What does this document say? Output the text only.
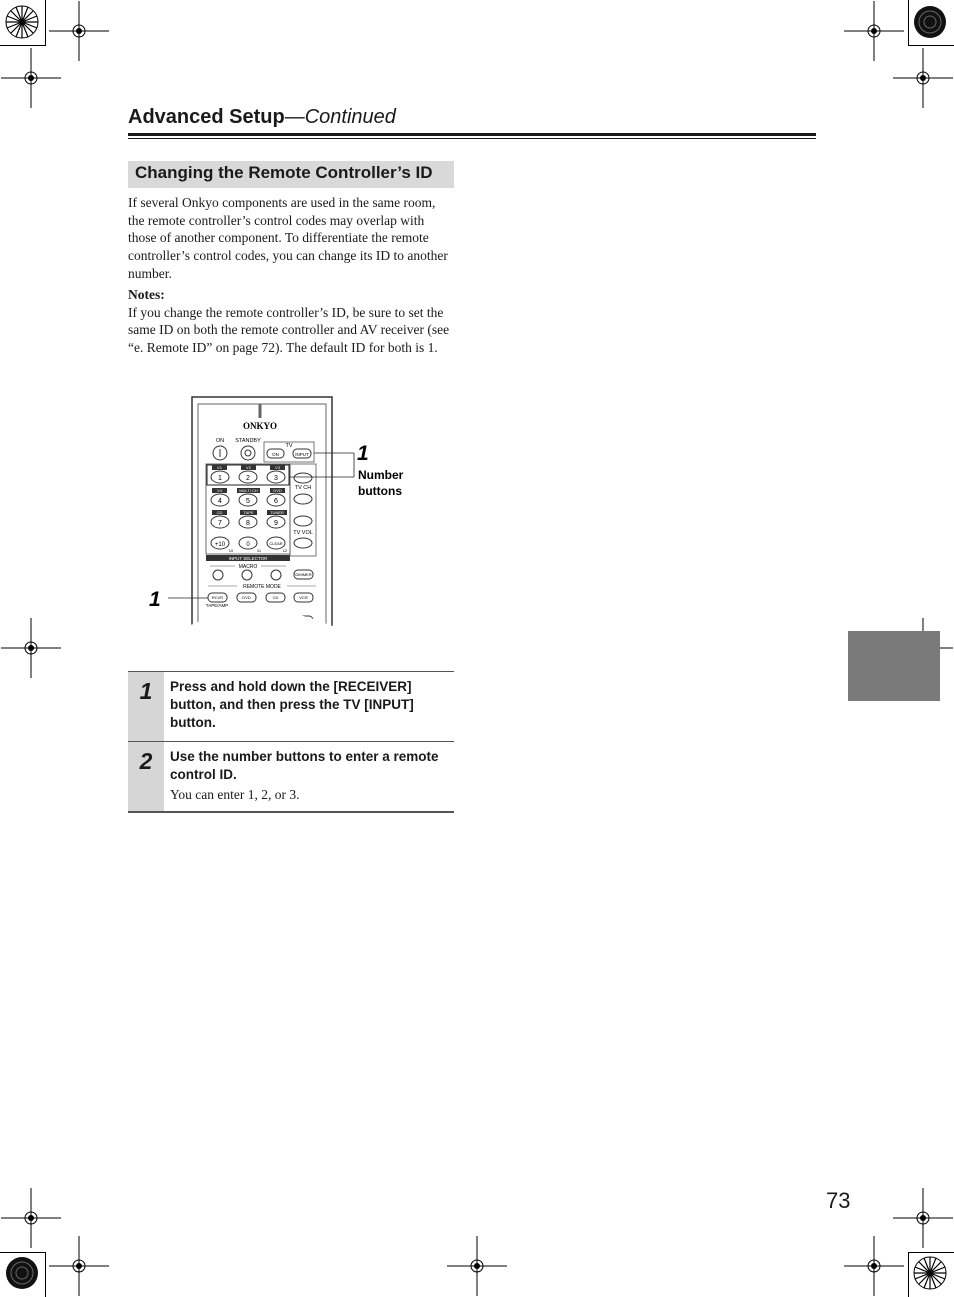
Advanced Setup—Continued
Changing the Remote Controller’s ID
If several Onkyo components are used in the same room, the remote controller’s control codes may overlap with those of another component. To differentiate the remote controller’s control codes, you can change its ID to another number.
Notes:
If you change the remote controller’s ID, be sure to set the same ID on both the remote controller and AV receiver (see “e. Remote ID” on page 72). The default ID for both is 1.
ONKYO
ON STANDBY
TV
ON	INPUT
V1	V2	V3
1	2	3
V4	MULTI CH	DVD
4	5	6
CD	TAPE	TUNER
7	8	9
+10	0	CLEAR
10	11	12
INPUT SELECTOR
TV CH
TV VOL
MACRO
DIMMER
REMOTE MODE
RCVR	DVD	CD	VCR
TAPE/AMP
1
Number
buttons
1
1	Press and hold down the [RECEIVER] button, and then press the TV [INPUT] button.
2	Use the number buttons to enter a remote control ID.
You can enter 1, 2, or 3.
73
